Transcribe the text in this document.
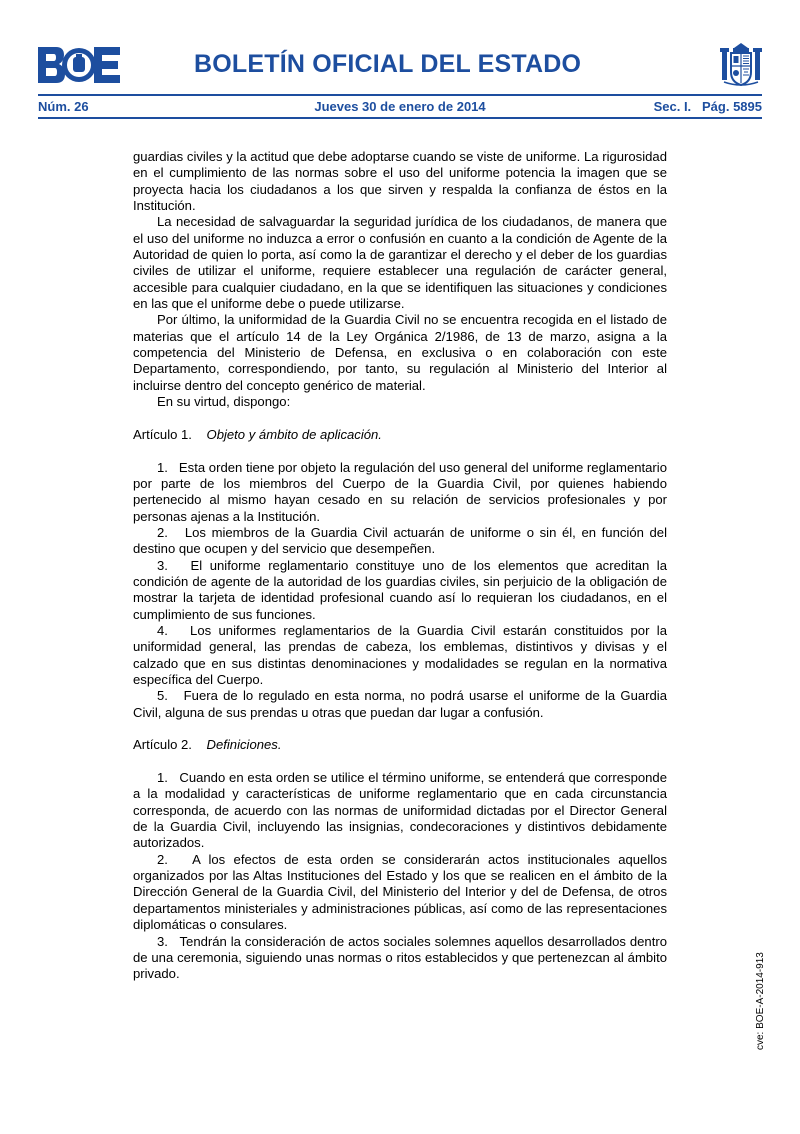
BOLETÍN OFICIAL DEL ESTADO
Núm. 26	Jueves 30 de enero de 2014	Sec. I.   Pág. 5895

guardias civiles y la actitud que debe adoptarse cuando se viste de uniforme. La rigurosidad en el cumplimiento de las normas sobre el uso del uniforme potencia la imagen que se proyecta hacia los ciudadanos a los que sirven y respalda la confianza de éstos en la Institución.

La necesidad de salvaguardar la seguridad jurídica de los ciudadanos, de manera que el uso del uniforme no induzca a error o confusión en cuanto a la condición de Agente de la Autoridad de quien lo porta, así como la de garantizar el derecho y el deber de los guardias civiles de utilizar el uniforme, requiere establecer una regulación de carácter general, accesible para cualquier ciudadano, en la que se identifiquen las situaciones y condiciones en las que el uniforme debe o puede utilizarse.

Por último, la uniformidad de la Guardia Civil no se encuentra recogida en el listado de materias que el artículo 14 de la Ley Orgánica 2/1986, de 13 de marzo, asigna a la competencia del Ministerio de Defensa, en exclusiva o en colaboración con este Departamento, correspondiendo, por tanto, su regulación al Ministerio del Interior al incluirse dentro del concepto genérico de material.

En su virtud, dispongo:

Artículo 1. Objeto y ámbito de aplicación.

1.   Esta orden tiene por objeto la regulación del uso general del uniforme reglamentario por parte de los miembros del Cuerpo de la Guardia Civil, por quienes habiendo pertenecido al mismo hayan cesado en su relación de servicios profesionales y por personas ajenas a la Institución.

2.   Los miembros de la Guardia Civil actuarán de uniforme o sin él, en función del destino que ocupen y del servicio que desempeñen.

3.   El uniforme reglamentario constituye uno de los elementos que acreditan la condición de agente de la autoridad de los guardias civiles, sin perjuicio de la obligación de mostrar la tarjeta de identidad profesional cuando así lo requieran los ciudadanos, en el cumplimiento de sus funciones.

4.   Los uniformes reglamentarios de la Guardia Civil estarán constituidos por la uniformidad general, las prendas de cabeza, los emblemas, distintivos y divisas y el calzado que en sus distintas denominaciones y modalidades se regulan en la normativa específica del Cuerpo.

5.   Fuera de lo regulado en esta norma, no podrá usarse el uniforme de la Guardia Civil, alguna de sus prendas u otras que puedan dar lugar a confusión.

Artículo 2. Definiciones.

1.   Cuando en esta orden se utilice el término uniforme, se entenderá que corresponde a la modalidad y características de uniforme reglamentario que en cada circunstancia corresponda, de acuerdo con las normas de uniformidad dictadas por el Director General de la Guardia Civil, incluyendo las insignias, condecoraciones y distintivos debidamente autorizados.

2.   A los efectos de esta orden se considerarán actos institucionales aquellos organizados por las Altas Instituciones del Estado y los que se realicen en el ámbito de la Dirección General de la Guardia Civil, del Ministerio del Interior y del de Defensa, de otros departamentos ministeriales y administraciones públicas, así como de las representaciones diplomáticas o consulares.

3.   Tendrán la consideración de actos sociales solemnes aquellos desarrollados dentro de una ceremonia, siguiendo unas normas o ritos establecidos y que pertenezcan al ámbito privado.	cve: BOE-A-2014-913
